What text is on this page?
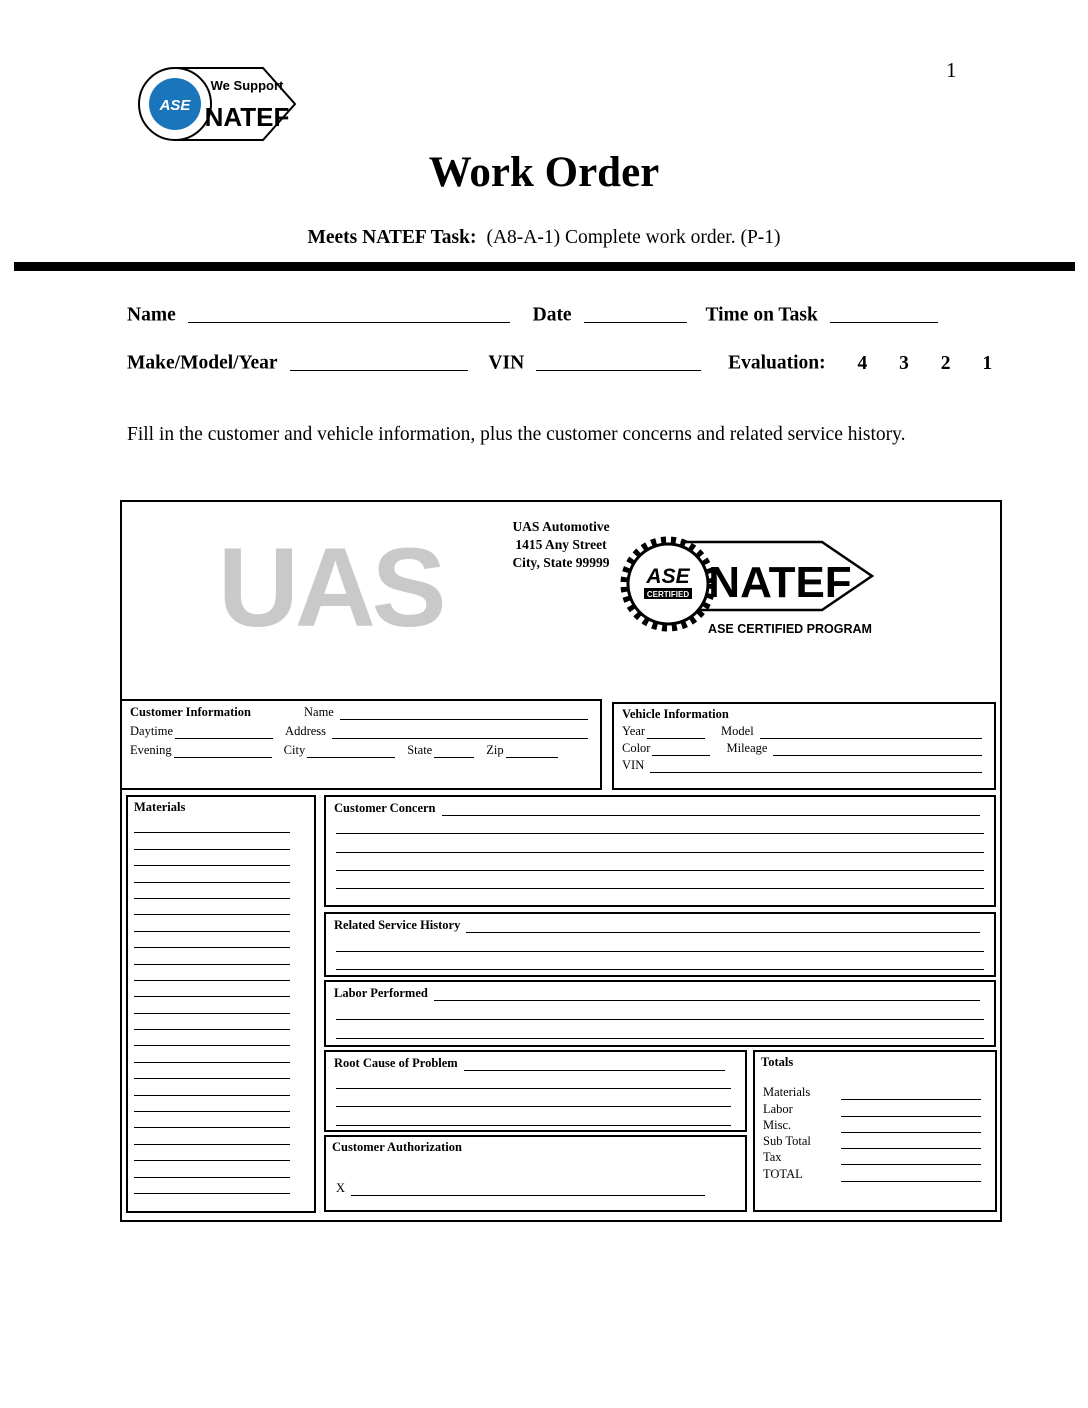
1
ASE
We Support
NATEF
Work Order
Meets NATEF Task: (A8-A-1) Complete work order. (P-1)
Name	Date	Time on Task
Make/Model/Year	VIN	Evaluation: 4 3 2 1
Fill in the customer and vehicle information, plus the customer concerns and related service history.
UAS	UAS Automotive
1415 Any Street
City, State 99999
ASE
CERTIFIED NATEF
ASE CERTIFIED PROGRAM
Customer Information	Name
Daytime	Address
Evening	City	State	Zip
Vehicle Information
Year	Model
Color	Mileage
VIN
Materials	Customer Concern
Related Service History
Labor Performed
Root Cause of Problem
Customer Authorization
X
Totals
Materials
Labor
Misc.
Sub Total
Tax
TOTAL
